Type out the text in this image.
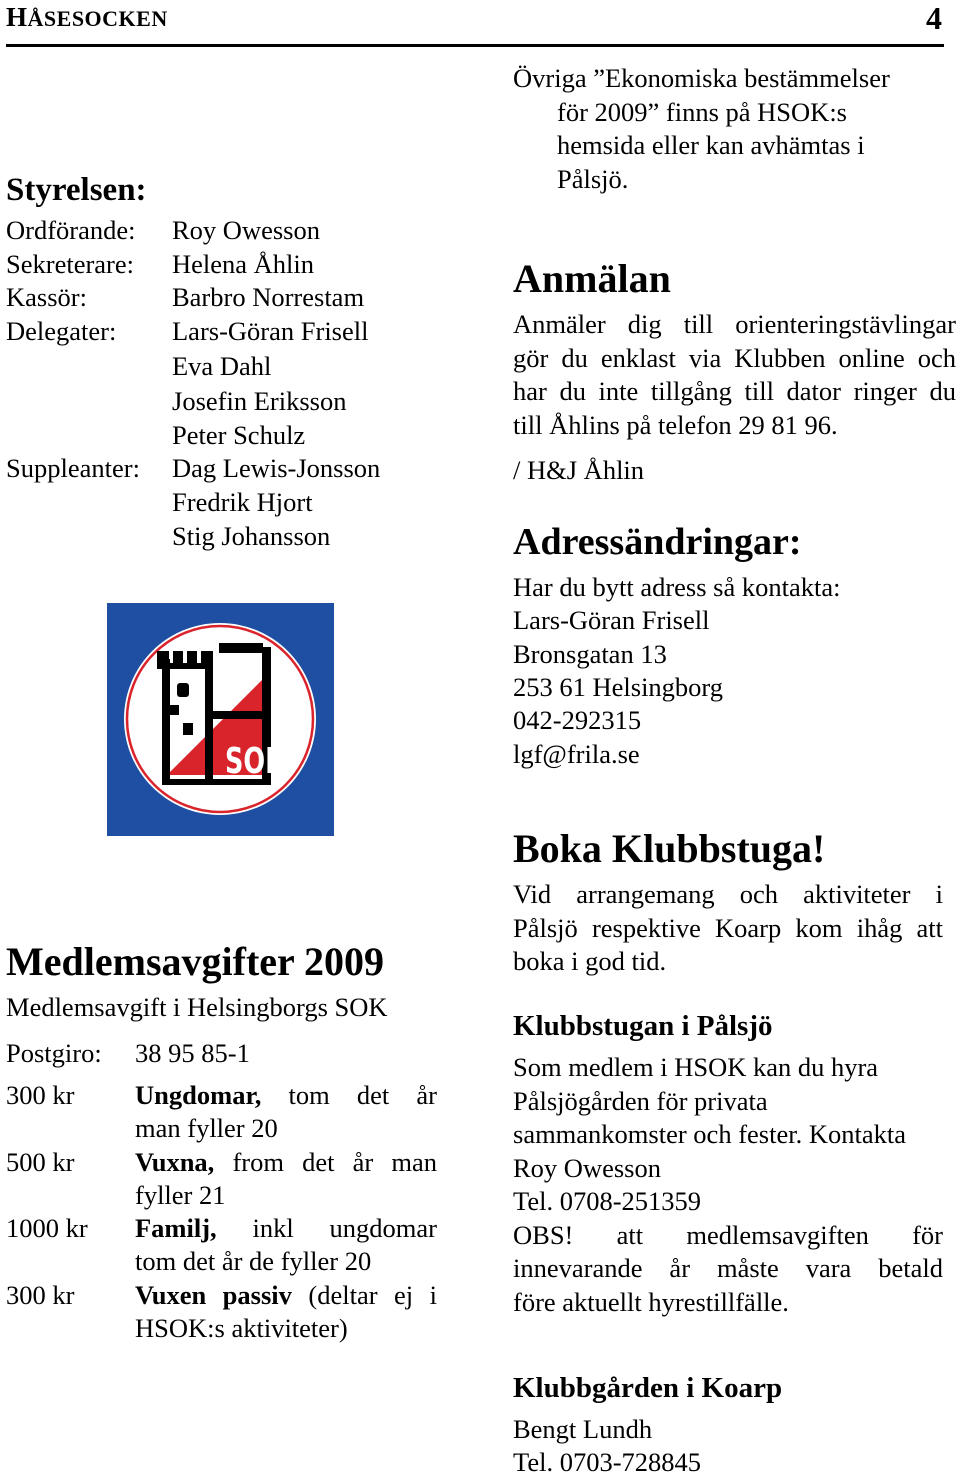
HÅSESOCKEN	4
Styrelsen:
Ordförande: Roy Owesson
Sekreterare: Helena Åhlin
Kassör:	Barbro Norrestam
Delegater: Lars-Göran Frisell
Eva Dahl
Josefin Eriksson
Peter Schulz
Suppleanter: Dag Lewis-Jonsson
Fredrik Hjort
Stig Johansson
SOK
Medlemsavgifter 2009
Medlemsavgift i Helsingborgs SOK
Postgiro: 38 95 85-1
300 kr Ungdomar, tom det år
man fyller 20
500 kr Vuxna, from det år man
fyller 21
1000 kr Familj, inkl ungdomar
tom det år de fyller 20
300 kr Vuxen passiv (deltar ej i
HSOK:s aktiviteter)
Övriga ”Ekonomiska bestämmelser
för 2009” finns på HSOK:s
hemsida eller kan avhämtas i
Pålsjö.
Anmälan
Anmäler dig till orienteringstävlingar
gör du enklast via Klubben online och
har du inte tillgång till dator ringer du
till Åhlins på telefon 29 81 96.
/ H&J Åhlin
Adressändringar:
Har du bytt adress så kontakta:
Lars-Göran Frisell
Bronsgatan 13
253 61 Helsingborg
042-292315
lgf@frila.se
Boka Klubbstuga!
Vid arrangemang och aktiviteter i
Pålsjö respektive Koarp kom ihåg att
boka i god tid.
Klubbstugan i Pålsjö
Som medlem i HSOK kan du hyra
Pålsjögården för privata
sammankomster och fester. Kontakta
Roy Owesson
Tel. 0708-251359
OBS! att medlemsavgiften för
innevarande år måste vara betald
före aktuellt hyrestillfälle.
Klubbgården i Koarp
Bengt Lundh
Tel. 0703-728845
